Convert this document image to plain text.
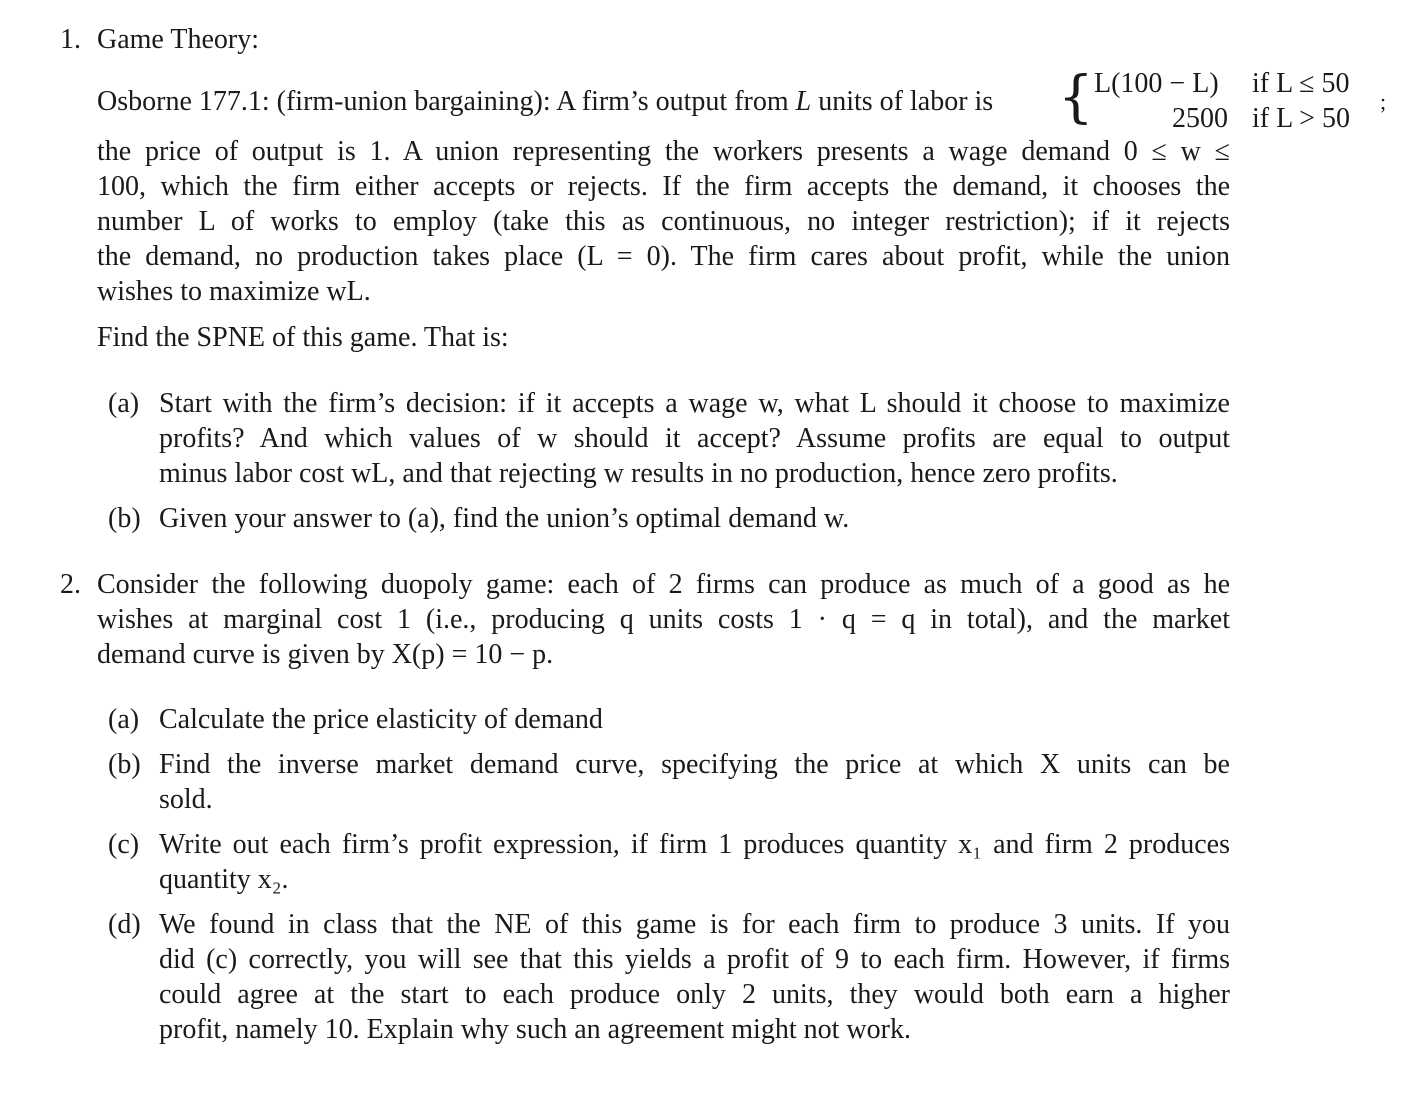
1. Game Theory:
Osborne 177.1: (firm-union bargaining): A firm’s output from L units of labor is { L(100 − L) if L ≤ 50
2500 if L > 50
;
the price of output is 1. A union representing the workers presents a wage demand 0 ≤ w ≤
100, which the firm either accepts or rejects. If the firm accepts the demand, it chooses the
number L of works to employ (take this as continuous, no integer restriction); if it rejects
the demand, no production takes place (L = 0). The firm cares about profit, while the union
wishes to maximize wL.
Find the SPNE of this game. That is:
(a) Start with the firm’s decision: if it accepts a wage w, what L should it choose to maximize
profits? And which values of w should it accept? Assume profits are equal to output
minus labor cost wL, and that rejecting w results in no production, hence zero profits.
(b) Given your answer to (a), find the union’s optimal demand w.
2. Consider the following duopoly game: each of 2 firms can produce as much of a good as he
wishes at marginal cost 1 (i.e., producing q units costs 1 · q = q in total), and the market
demand curve is given by X(p) = 10 − p.
(a) Calculate the price elasticity of demand
(b) Find the inverse market demand curve, specifying the price at which X units can be
sold.
(c) Write out each firm’s profit expression, if firm 1 produces quantity x₁ and firm 2 produces
quantity x₂.
(d) We found in class that the NE of this game is for each firm to produce 3 units. If you
did (c) correctly, you will see that this yields a profit of 9 to each firm. However, if firms
could agree at the start to each produce only 2 units, they would both earn a higher
profit, namely 10. Explain why such an agreement might not work.
